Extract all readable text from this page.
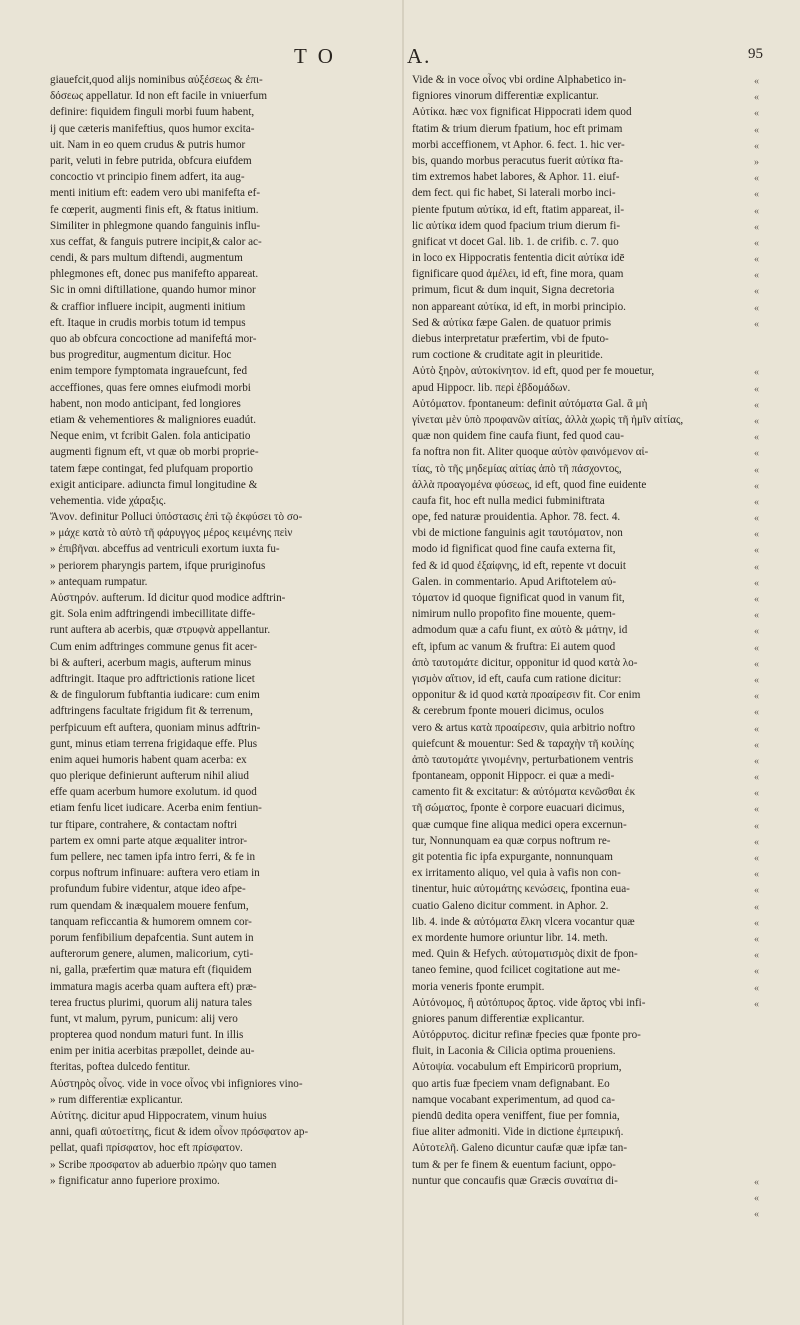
T O	A.	95
giauefcit,quod alijs nominibus αὐξέσεως & ἐπι-
δόσεως appellatur. Id non eft facile in vniuerfum
definire: fiquidem finguli morbi fuum habent,
ij que cæteris manifeftius, quos humor excita-
uit. Nam in eo quem crudus & putris humor
parit, veluti in febre putrida, obfcura eiufdem
concoctio vt principio finem adfert, ita aug-
menti initium eft: eadem vero ubi manifefta ef-
fe cœperit, augmenti finis eft, & ftatus initium.
Similiter in phlegmone quando fanguinis influ-
xus ceffat, & fanguis putrere incipit,& calor ac-
cendi, & pars multum diftendi, augmentum
phlegmones eft, donec pus manifefto appareat.
Sic in omni diftillatione, quando humor minor
& craffior influere incipit, augmenti initium
eft. Itaque in crudis morbis totum id tempus
quo ab obfcura concoctione ad manifeftá mor-
bus progreditur, augmentum dicitur. Hoc
enim tempore fymptomata ingrauefcunt, fed
acceffiones, quas fere omnes eiufmodi morbi
habent, non modo anticipant, fed longiores
etiam & vehementiores & maligniores euadút.
Neque enim, vt fcribit Galen. fola anticipatio
augmenti fignum eft, vt quæ ob morbi proprie-
tatem fæpe contingat, fed plufquam proportio
exigit anticipare. adiuncta fimul longitudine &
vehementia. vide χάραξις.
Ἄνον. definitur Polluci ὑπόστασις ἐπὶ τῷ ἐκφύσει τὸ σο-
» μάχε κατὰ τὸ αὐτὸ τῆ φάρυγγος μέρος κειμένης πεὶν
» ἐπιβῆναι. abceffus ad ventriculi exortum iuxta fu-
» periorem pharyngis partem, ifque pruriginofus
» antequam rumpatur.
Αὐστηρόν. aufterum. Id dicitur quod modice adftrin-
git. Sola enim adftringendi imbecillitate diffe-
runt auftera ab acerbis, quæ στρυφνὰ appellantur.
Cum enim adftringes commune genus fit acer-
bi & aufteri, acerbum magis, aufterum minus
adftringit. Itaque pro adftrictionis ratione licet
& de fingulorum fubftantia iudicare: cum enim
adftringens facultate frigidum fit & terrenum,
perfpicuum eft auftera, quoniam minus adftrin-
gunt, minus etiam terrena frigidaque effe. Plus
enim aquei humoris habent quam acerba: ex
quo plerique definierunt aufterum nihil aliud
effe quam acerbum humore exolutum. id quod
etiam fenfu licet iudicare. Acerba enim fentiun-
tur ftipare, contrahere, & contactam noftri
partem ex omni parte atque æqualiter intror-
fum pellere, nec tamen ipfa intro ferri, & fe in
corpus noftrum infinuare: auftera vero etiam in
profundum fubire videntur, atque ideo afpe-
rum quendam & inæqualem mouere fenfum,
tanquam reficcantia & humorem omnem cor-
porum fenfibilium depafcentia. Sunt autem in
aufterorum genere, alumen, malicorium, cyti-
ni, galla, præfertim quæ matura eft (fiquidem
immatura magis acerba quam auftera eft) præ-
terea fructus plurimi, quorum alij natura tales
funt, vt malum, pyrum, punicum: alij vero
propterea quod nondum maturi funt. In illis
enim per initia acerbitas præpollet, deinde au-
fteritas, poftea dulcedo fentitur.
Αὐστηρὸς οἶνος. vide in voce οἶνος vbi infigniores vino-
» rum differentiæ explicantur.
Αὐτίτης. dicitur apud Hippocratem, vinum huius
anni, quafi αὐτοετίτης, ficut & idem οἶνον πρόσφατον ap-
pellat, quafi πρίσφατον, hoc eft πρίσφατον.
» Scribe προσφατον ab aduerbio πρώην quo tamen
» fignificatur anno fuperiore proximo.
Vide & in voce οἶνος vbi ordine Alphabetico in-
figniores vinorum differentiæ explicantur.
Αὐτίκα. hæc vox fignificat Hippocrati idem quod
ftatim & trium dierum fpatium, hoc eft primam
morbi acceffionem, vt Aphor. 6. fect. 1. hic ver-
bis, quando morbus peracutus fuerit αὐτίκα fta-
tim extremos habet labores, & Aphor. 11. eiuf-
dem fect. qui fic habet, Si laterali morbo inci-
piente fputum αὐτίκα, id eft, ftatim appareat, il-
lic αὐτίκα idem quod fpacium trium dierum fi-
gnificat vt docet Gal. lib. 1. de crifib. c. 7. quo
in loco ex Hippocratis fententia dicit αὐτίκα idē
fignificare quod ἀμέλει, id eft, fine mora, quam
primum, ficut & dum inquit, Signa decretoria
non appareant αὐτίκα, id eft, in morbi principio.
Sed & αὐτίκα fæpe Galen. de quatuor primis
diebus interpretatur præfertim, vbi de fputo-
rum coctione & cruditate agit in pleuritide.
Αὐτὸ ξηρὸν, αὐτοκίνητον. id eft, quod per fe mouetur,
apud Hippocr. lib. περὶ ἑβδομάδων.
Αὐτόματον. fpontaneum: definit αὐτόματα Gal. ἃ μὴ
γίνεται μὲν ὑπὸ προφανῶν αἰτίας, ἀλλὰ χωρὶς τῆ ἡμῖν αἰτίας,
quæ non quidem fine caufa fiunt, fed quod cau-
fa noftra non fit. Aliter quoque αὐτὸν φαινόμενον αἰ-
τίας, τὸ τῆς μηδεμίας αἰτίας ἀπὸ τῆ πάσχοντος,
ἀλλὰ προαγομένα φύσεως, id eft, quod fine euidente
caufa fit, hoc eft nulla medici fubminiftrata
ope, fed naturæ prouidentia. Aphor. 78. fect. 4.
vbi de mictione fanguinis agit ταυτόματον, non
modo id fignificat quod fine caufa externa fit,
fed & id quod ἐξαίφνης, id eft, repente vt docuit
Galen. in commentario. Apud Ariftotelem αὐ-
τόματον id quoque fignificat quod in vanum fit,
nimirum nullo propofito fine mouente, quem-
admodum quæ a cafu fiunt, ex αὐτὸ & μάτην, id
eft, ipfum ac vanum & fruftra: Ei autem quod
ἀπὸ ταυτομάτε dicitur, opponitur id quod κατὰ λο-
γισμὸν αἴτιον, id eft, caufa cum ratione dicitur:
opponitur & id quod κατὰ προαίρεσιν fit. Cor enim
& cerebrum fponte moueri dicimus, oculos
vero & artus κατὰ προαίρεσιν, quia arbitrio noftro
quiefcunt & mouentur: Sed & ταραχὴν τῆ κοιλίης
ἀπὸ ταυτομάτε γινομένην, perturbationem ventris
fpontaneam, opponit Hippocr. ei quæ a medi-
camento fit & excitatur: & αὐτόματα κενῶσθαι ἐκ
τῆ σώματος, fponte è corpore euacuari dicimus,
quæ cumque fine aliqua medici opera excernun-
tur, Nonnunquam ea quæ corpus noftrum re-
git potentia fic ipfa expurgante, nonnunquam
ex irritamento aliquo, vel quia à vafis non con-
tinentur, huic αὐτομάτης κενώσεις, fpontina eua-
cuatio Galeno dicitur comment. in Aphor. 2.
lib. 4. inde & αὐτόματα ἕλκη vlcera vocantur quæ
ex mordente humore oriuntur libr. 14. meth.
med. Quin & Hefych. αὐτοματισμὸς dixit de fpon-
taneo femine, quod fcilicet cogitatione aut me-
moria veneris fponte erumpit.
Αὐτόνομος, ἢ αὐτόπυρος ἄρτος. vide ἄρτος vbi infi-
gniores panum differentiæ explicantur.
Αὐτόρρυτος. dicitur refinæ fpecies quæ fponte pro-
fluit, in Laconia & Cilicia optima proueniens.
Αὐτοψία. vocabulum eft Empiricorū proprium,
quo artis fuæ fpeciem vnam defignabant. Eo
namque vocabant experimentum, ad quod ca-
piendū dedita opera veniffent, fiue per fomnia,
fiue aliter admoniti. Vide in dictione ἐμπειρική.
Αὐτοτελῆ. Galeno dicuntur caufæ quæ ipfæ tan-
tum & per fe finem & euentum faciunt, oppo-
nuntur que concaufis quæ Græcis συναίτια di-
«
«
«
«
«
»
«
«
«
«
«
«
«
«
«
«
«
«
«
«
«
«
«
«
«
«
«
«
«
«
«
«
«
«
«
«
«
«
«
«
«
«
«
«
«
«
«
«
«
«
«
«
«
«
«
«
«
«
«
